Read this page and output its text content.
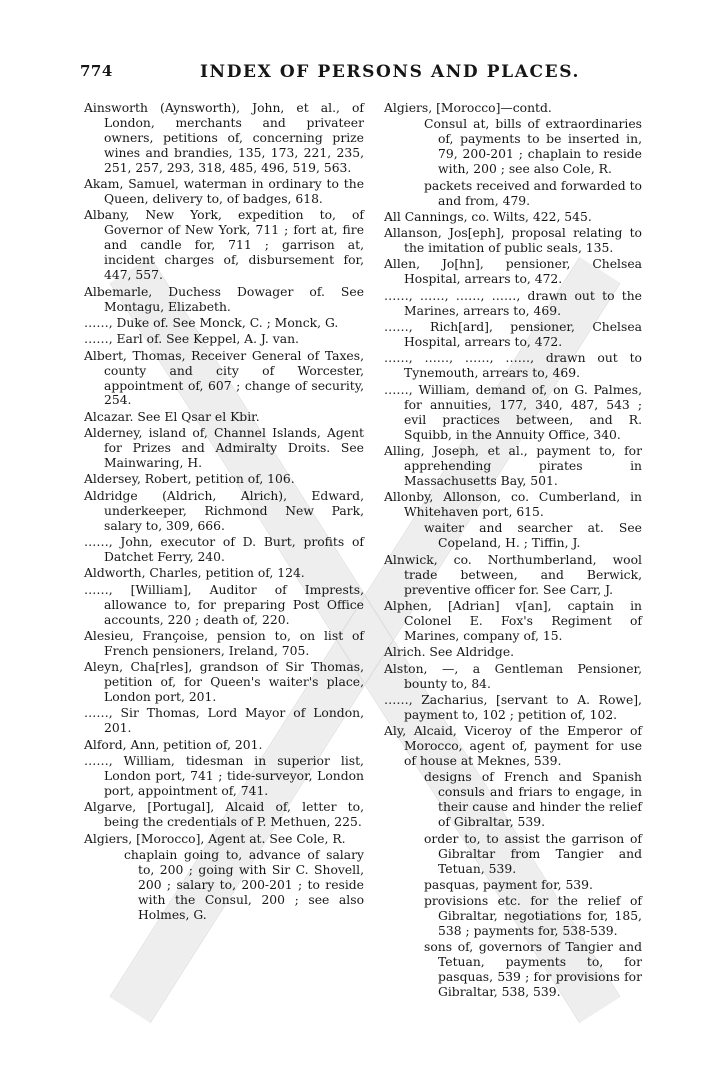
774	INDEX OF PERSONS AND PLACES.

Ainsworth (Aynsworth), John, et al., of London, merchants and privateer owners, petitions of, concerning prize wines and brandies, 135, 173, 221, 235, 251, 257, 293, 318, 485, 496, 519, 563.

Akam, Samuel, waterman in ordinary to the Queen, delivery to, of badges, 618.

Albany, New York, expedition to, of Governor of New York, 711 ; fort at, fire and candle for, 711 ; garrison at, incident charges of, disbursement for, 447, 557.

Albemarle, Duchess Dowager of. See Montagu, Elizabeth.

……, Duke of. See Monck, C. ; Monck, G.

……, Earl of. See Keppel, A. J. van.

Albert, Thomas, Receiver General of Taxes, county and city of Worcester, appointment of, 607 ; change of security, 254.

Alcazar. See El Qsar el Kbir.

Alderney, island of, Channel Islands, Agent for Prizes and Admiralty Droits. See Mainwaring, H.

Aldersey, Robert, petition of, 106.

Aldridge (Aldrich, Alrich), Edward, underkeeper, Richmond New Park, salary to, 309, 666.

……, John, executor of D. Burt, profits of Datchet Ferry, 240.

Aldworth, Charles, petition of, 124.

……, [William], Auditor of Imprests, allowance to, for preparing Post Office accounts, 220 ; death of, 220.

Alesieu, Françoise, pension to, on list of French pensioners, Ireland, 705.

Aleyn, Cha[rles], grandson of Sir Thomas, petition of, for Queen's waiter's place, London port, 201.

……, Sir Thomas, Lord Mayor of London, 201.

Alford, Ann, petition of, 201.

……, William, tidesman in superior list, London port, 741 ; tide-surveyor, London port, appointment of, 741.

Algarve, [Portugal], Alcaid of, letter to, being the credentials of P. Methuen, 225.

Algiers, [Morocco], Agent at. See Cole, R.

chaplain going to, advance of salary to, 200 ; going with Sir C. Shovell, 200 ; salary to, 200-201 ; to reside with the Consul, 200 ; see also Holmes, G.

Algiers, [Morocco]—contd.

Consul at, bills of extraordinaries of, payments to be inserted in, 79, 200-201 ; chaplain to reside with, 200 ; see also Cole, R.

packets received and forwarded to and from, 479.

All Cannings, co. Wilts, 422, 545.

Allanson, Jos[eph], proposal relating to the imitation of public seals, 135.

Allen, Jo[hn], pensioner, Chelsea Hospital, arrears to, 472.

……, ……, ……, ……, drawn out to the Marines, arrears to, 469.

……, Rich[ard], pensioner, Chelsea Hospital, arrears to, 472.

……, ……, ……, ……, drawn out to Tynemouth, arrears to, 469.

……, William, demand of, on G. Palmes, for annuities, 177, 340, 487, 543 ; evil practices between, and R. Squibb, in the Annuity Office, 340.

Alling, Joseph, et al., payment to, for apprehending pirates in Massachusetts Bay, 501.

Allonby, Allonson, co. Cumberland, in Whitehaven port, 615.

waiter and searcher at. See Copeland, H. ; Tiffin, J.

Alnwick, co. Northumberland, wool trade between, and Berwick, preventive officer for. See Carr, J.

Alphen, [Adrian] v[an], captain in Colonel E. Fox's Regiment of Marines, company of, 15.

Alrich. See Aldridge.

Alston, —, a Gentleman Pensioner, bounty to, 84.

……, Zacharius, [servant to A. Rowe], payment to, 102 ; petition of, 102.

Aly, Alcaid, Viceroy of the Emperor of Morocco, agent of, payment for use of house at Meknes, 539.

designs of French and Spanish consuls and friars to engage, in their cause and hinder the relief of Gibraltar, 539.

order to, to assist the garrison of Gibraltar from Tangier and Tetuan, 539.

pasquas, payment for, 539.

provisions etc. for the relief of Gibraltar, negotiations for, 185, 538 ; payments for, 538-539.

sons of, governors of Tangier and Tetuan, payments to, for pasquas, 539 ; for provisions for Gibraltar, 538, 539.
